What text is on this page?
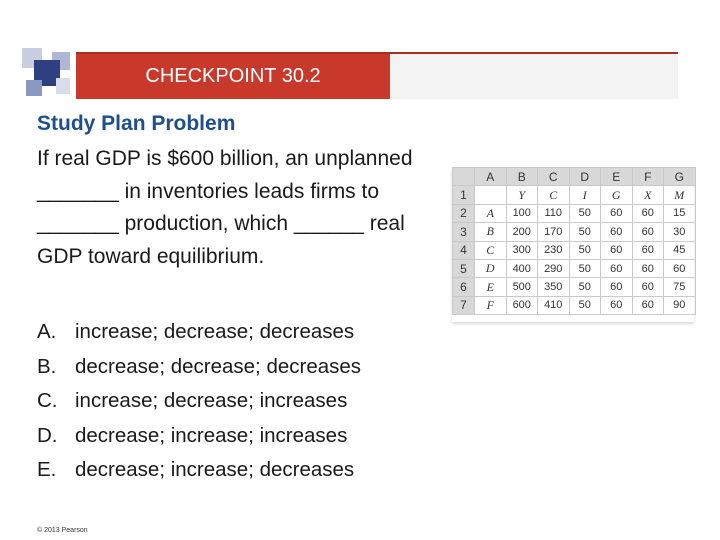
CHECKPOINT 30.2
Study Plan Problem
If real GDP is $600 billion, an unplanned _______ in inventories leads firms to _______ production, which ______ real GDP toward equilibrium.
A. increase; decrease; decreases
B. decrease; decrease; decreases
C. increase; decrease; increases
D. decrease; increase; increases
E. decrease; increase; decreases
	A	B	C	D	E	F	G
1		Y	C	I	G	X	M
2	A	100	110	50	60	60	15
3	B	200	170	50	60	60	30
4	C	300	230	50	60	60	45
5	D	400	290	50	60	60	60
6	E	500	350	50	60	60	75
7	F	600	410	50	60	60	90
© 2013 Pearson
